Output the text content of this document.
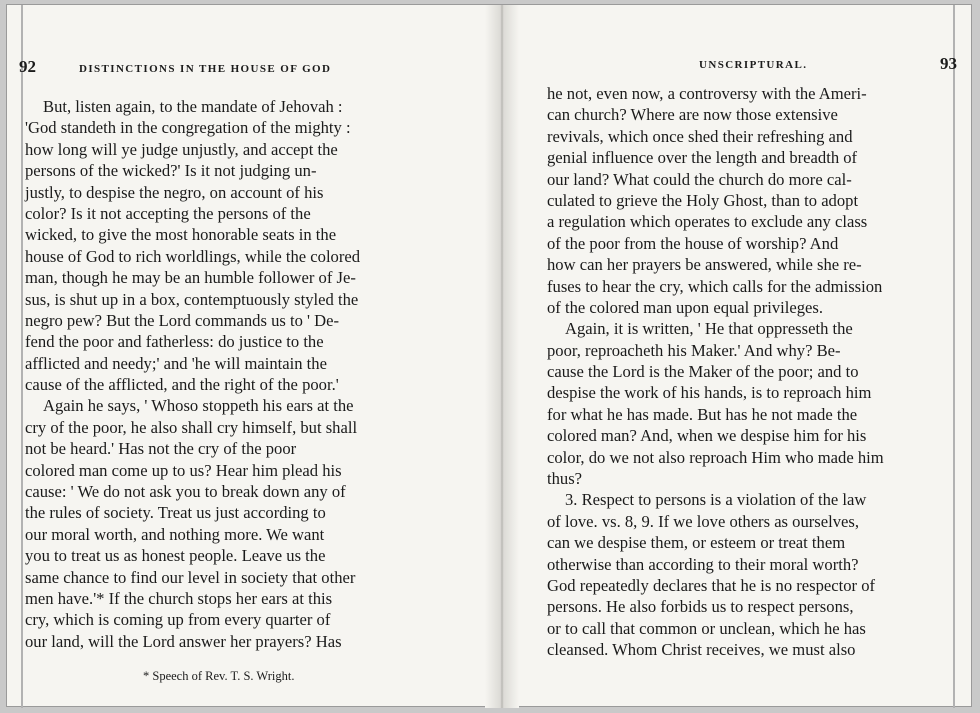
92	DISTINCTIONS IN THE HOUSE OF GOD
But, listen again, to the mandate of Jehovah :
'God standeth in the congregation of the mighty :
how long will ye judge unjustly, and accept the
persons of the wicked?' Is it not judging un-
justly, to despise the negro, on account of his
color? Is it not accepting the persons of the
wicked, to give the most honorable seats in the
house of God to rich worldlings, while the colored
man, though he may be an humble follower of Je-
sus, is shut up in a box, contemptuously styled the
negro pew? But the Lord commands us to ' De-
fend the poor and fatherless: do justice to the
afflicted and needy;' and 'he will maintain the
cause of the afflicted, and the right of the poor.'
Again he says, ' Whoso stoppeth his ears at the
cry of the poor, he also shall cry himself, but shall
not be heard.' Has not the cry of the poor
colored man come up to us? Hear him plead his
cause: ' We do not ask you to break down any of
the rules of society. Treat us just according to
our moral worth, and nothing more. We want
you to treat us as honest people. Leave us the
same chance to find our level in society that other
men have.'* If the church stops her ears at this
cry, which is coming up from every quarter of
our land, will the Lord answer her prayers? Has
* Speech of Rev. T. S. Wright.
UNSCRIPTURAL.	93
he not, even now, a controversy with the Ameri-
can church? Where are now those extensive
revivals, which once shed their refreshing and
genial influence over the length and breadth of
our land? What could the church do more cal-
culated to grieve the Holy Ghost, than to adopt
a regulation which operates to exclude any class
of the poor from the house of worship? And
how can her prayers be answered, while she re-
fuses to hear the cry, which calls for the admission
of the colored man upon equal privileges.
Again, it is written, ' He that oppresseth the
poor, reproacheth his Maker.' And why? Be-
cause the Lord is the Maker of the poor; and to
despise the work of his hands, is to reproach him
for what he has made. But has he not made the
colored man? And, when we despise him for his
color, do we not also reproach Him who made him
thus?
3. Respect to persons is a violation of the law
of love. vs. 8, 9. If we love others as ourselves,
can we despise them, or esteem or treat them
otherwise than according to their moral worth?
God repeatedly declares that he is no respector of
persons. He also forbids us to respect persons,
or to call that common or unclean, which he has
cleansed. Whom Christ receives, we must also
